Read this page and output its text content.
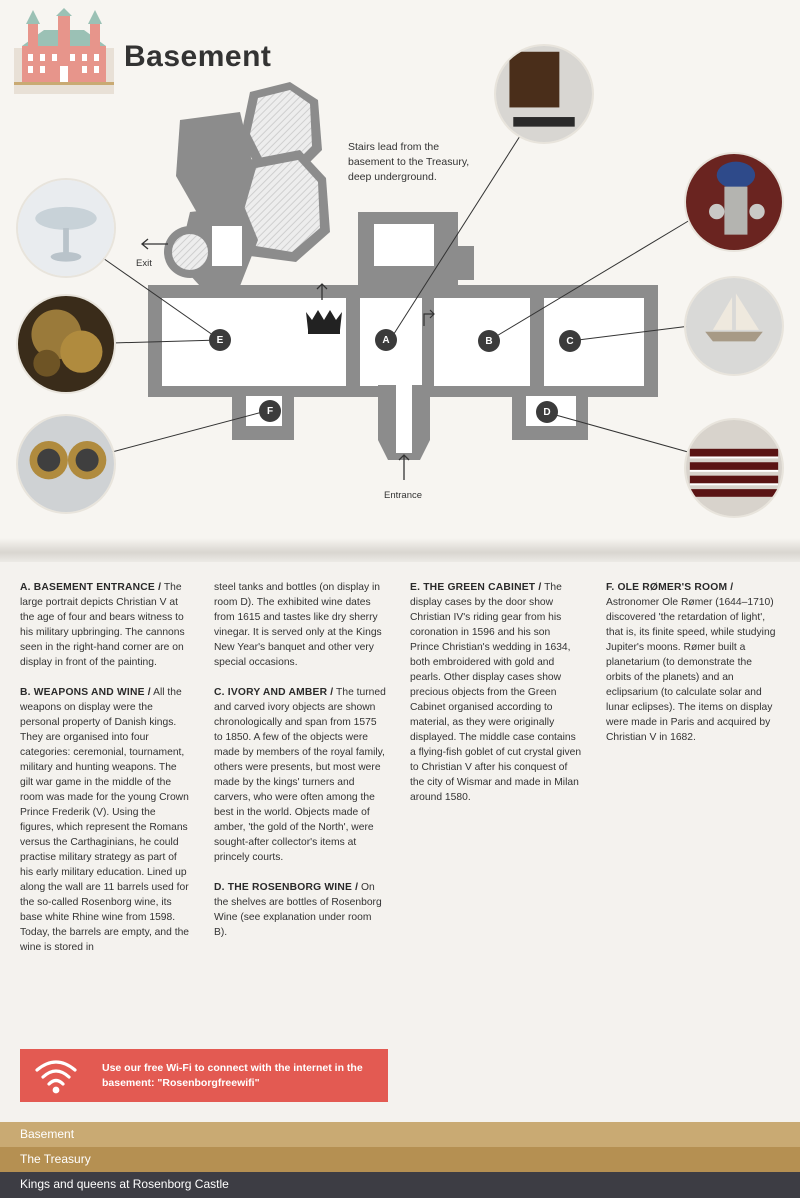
Basement
E	A	B	C
F	D
Stairs lead from the basement to the Treasury, deep underground.
Exit
Entrance

A. BASEMENT ENTRANCE / The large portrait depicts Christian V at the age of four and bears witness to his military upbringing. The cannons seen in the right-hand corner are on display in front of the painting.

B. WEAPONS AND WINE / All the weapons on display were the personal property of Danish kings. They are organised into four categories: ceremonial, tournament, military and hunting weapons. The gilt war game in the middle of the room was made for the young Crown Prince Frederik (V). Using the figures, which represent the Romans versus the Carthaginians, he could practise military strategy as part of his early military education. Lined up along the wall are 11 barrels used for the so-called Rosenborg wine, its base white Rhine wine from 1598. Today, the barrels are empty, and the wine is stored in

steel tanks and bottles (on display in room D). The exhibited wine dates from 1615 and tastes like dry sherry vinegar. It is served only at the Kings New Year's banquet and other very special occasions.

C. IVORY AND AMBER / The turned and carved ivory objects are shown chronologically and span from 1575 to 1850. A few of the objects were made by members of the royal family, others were presents, but most were made by the kings' turners and carvers, who were often among the best in the world. Objects made of amber, 'the gold of the North', were sought-after collector's items at princely courts.

D. THE ROSENBORG WINE / On the shelves are bottles of Rosenborg Wine (see explanation under room B).

E. THE GREEN CABINET / The display cases by the door show Christian IV's riding gear from his coronation in 1596 and his son Prince Christian's wedding in 1634, both embroidered with gold and pearls. Other display cases show precious objects from the Green Cabinet organised according to material, as they were originally displayed. The middle case contains a flying-fish goblet of cut crystal given to Christian V after his conquest of the city of Wismar and made in Milan around 1580.

F. OLE RØMER'S ROOM / Astronomer Ole Rømer (1644–1710) discovered 'the retardation of light', that is, its finite speed, while studying Jupiter's moons. Rømer built a planetarium (to demonstrate the orbits of the planets) and an eclipsarium (to calculate solar and lunar eclipses). The items on display were made in Paris and acquired by Christian V in 1682.

Use our free Wi-Fi to connect with the internet in the basement: "Rosenborgfreewifi"
Basement
The Treasury
Kings and queens at Rosenborg Castle
